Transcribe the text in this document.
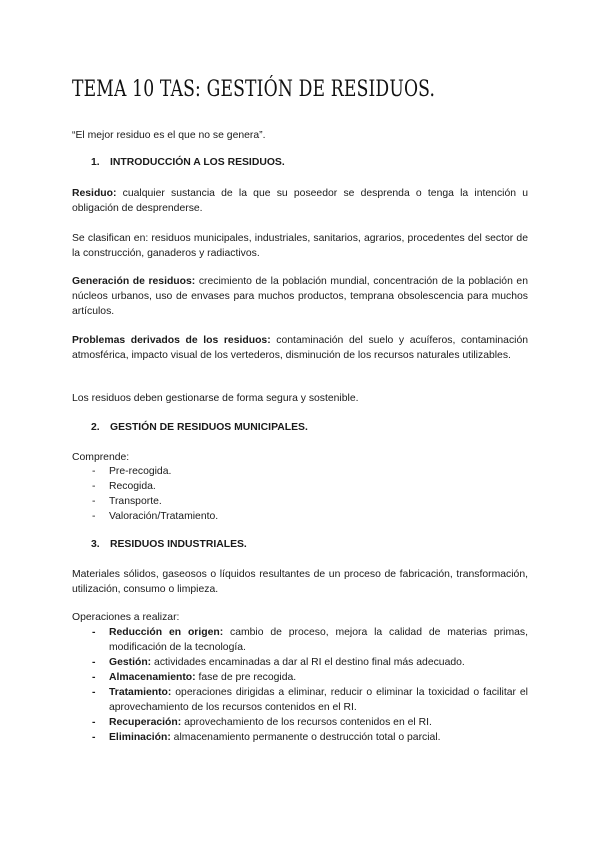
TEMA 10 TAS: GESTIÓN DE RESIDUOS.
“El mejor residuo es el que no se genera”.
1. INTRODUCCIÓN A LOS RESIDUOS.
Residuo: cualquier sustancia de la que su poseedor se desprenda o tenga la intención u obligación de desprenderse.
Se clasifican en: residuos municipales, industriales, sanitarios, agrarios, procedentes del sector de la construcción, ganaderos y radiactivos.
Generación de residuos: crecimiento de la población mundial, concentración de la población en núcleos urbanos, uso de envases para muchos productos, temprana obsolescencia para muchos artículos.
Problemas derivados de los residuos: contaminación del suelo y acuíferos, contaminación atmosférica, impacto visual de los vertederos, disminución de los recursos naturales utilizables.
Los residuos deben gestionarse de forma segura y sostenible.
2. GESTIÓN DE RESIDUOS MUNICIPALES.
Comprende:
- Pre-recogida.
- Recogida.
- Transporte.
- Valoración/Tratamiento.
3. RESIDUOS INDUSTRIALES.
Materiales sólidos, gaseosos o líquidos resultantes de un proceso de fabricación, transformación, utilización, consumo o limpieza.
Operaciones a realizar:
- Reducción en origen: cambio de proceso, mejora la calidad de materias primas, modificación de la tecnología.
- Gestión: actividades encaminadas a dar al RI el destino final más adecuado.
- Almacenamiento: fase de pre recogida.
- Tratamiento: operaciones dirigidas a eliminar, reducir o eliminar la toxicidad o facilitar el aprovechamiento de los recursos contenidos en el RI.
- Recuperación: aprovechamiento de los recursos contenidos en el RI.
- Eliminación: almacenamiento permanente o destrucción total o parcial.
